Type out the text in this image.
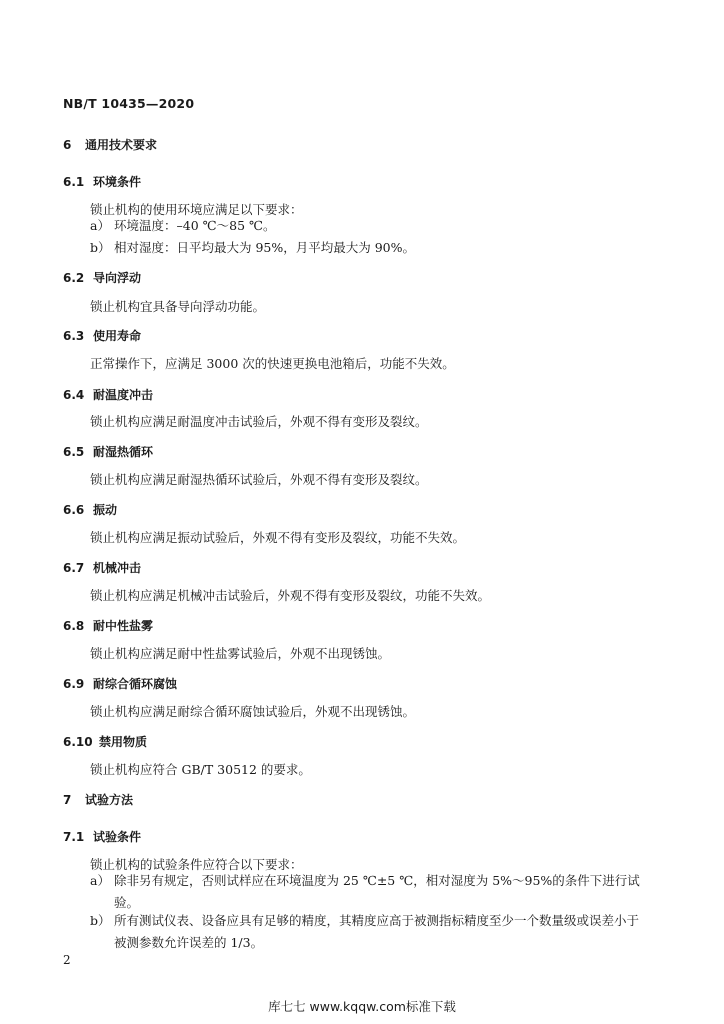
NB/T 10435—2020
6 通用技术要求
6.1 环境条件
锁止机构的使用环境应满足以下要求：
a） 环境温度：–40 ℃～85 ℃。
b） 相对湿度：日平均最大为 95%，月平均最大为 90%。
6.2 导向浮动
锁止机构宜具备导向浮动功能。
6.3 使用寿命
正常操作下，应满足 3000 次的快速更换电池箱后，功能不失效。
6.4 耐温度冲击
锁止机构应满足耐温度冲击试验后，外观不得有变形及裂纹。
6.5 耐湿热循环
锁止机构应满足耐湿热循环试验后，外观不得有变形及裂纹。
6.6 振动
锁止机构应满足振动试验后，外观不得有变形及裂纹，功能不失效。
6.7 机械冲击
锁止机构应满足机械冲击试验后，外观不得有变形及裂纹，功能不失效。
6.8 耐中性盐雾
锁止机构应满足耐中性盐雾试验后，外观不出现锈蚀。
6.9 耐综合循环腐蚀
锁止机构应满足耐综合循环腐蚀试验后，外观不出现锈蚀。
6.10 禁用物质
锁止机构应符合 GB/T 30512 的要求。
7 试验方法
7.1 试验条件
锁止机构的试验条件应符合以下要求：
a） 除非另有规定，否则试样应在环境温度为 25 ℃±5 ℃，相对湿度为 5%～95%的条件下进行试验。
b） 所有测试仪表、设备应具有足够的精度，其精度应高于被测指标精度至少一个数量级或误差小于被测参数允许误差的 1/3。
2
库七七 www.kqqw.com标准下载
